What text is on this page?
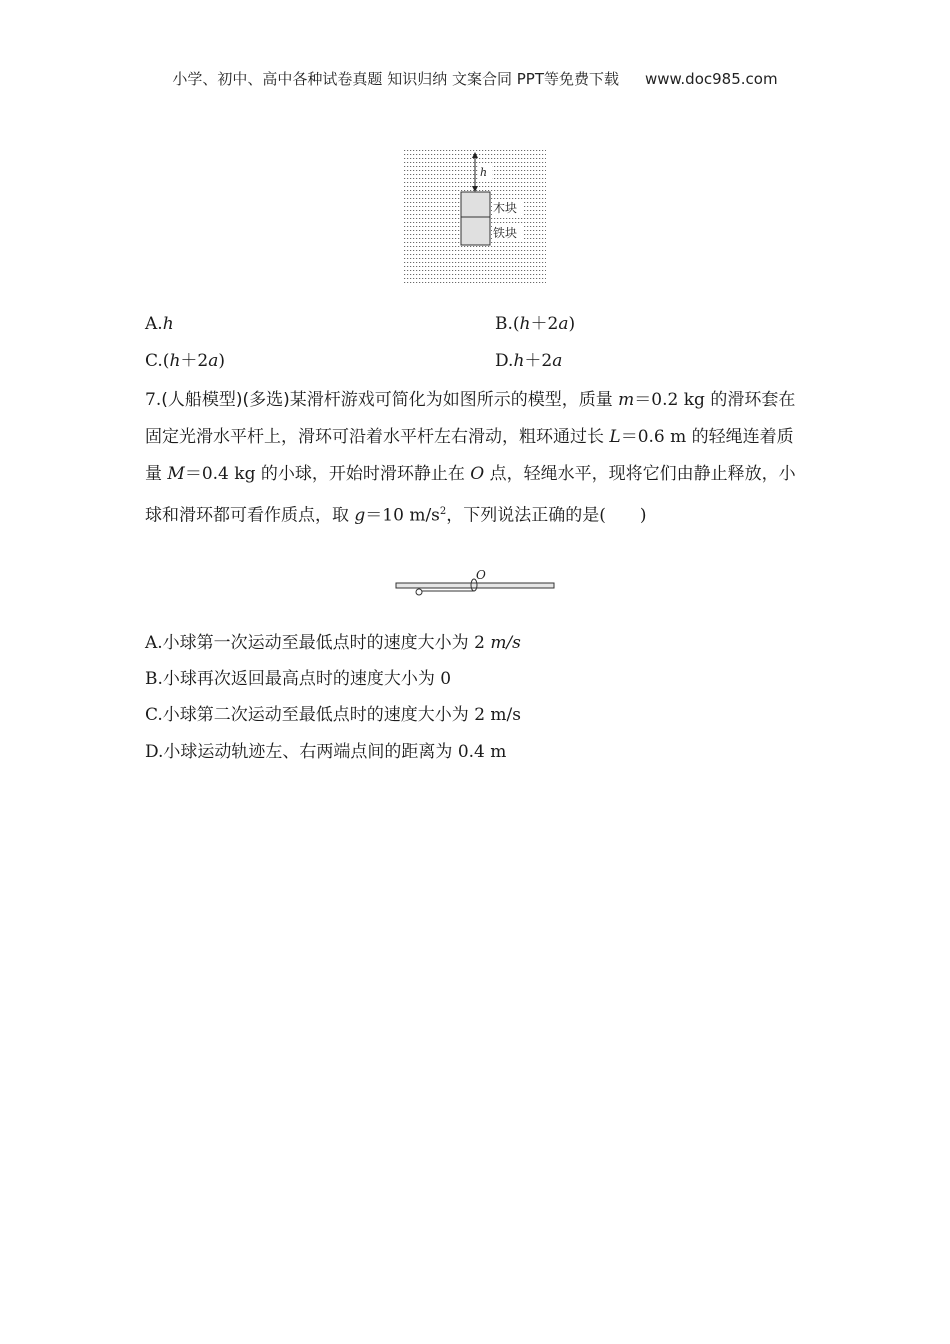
小学、初中、高中各种试卷真题 知识归纳 文案合同 PPT等免费下载 www.doc985.com
h
木块
铁块
A.h	B.(h＋2a)
C.(h＋2a)	D.h＋2a

7.(人船模型)(多选)某滑杆游戏可简化为如图所示的模型，质量 m＝0.2 kg 的滑环套在固定光滑水平杆上，滑环可沿着水平杆左右滑动，粗环通过长 L＝0.6 m 的轻绳连着质量 M＝0.4 kg 的小球，开始时滑环静止在 O 点，轻绳水平，现将它们由静止释放，小球和滑环都可看作质点，取 g＝10 $m/s^2$，下列说法正确的是(　　)

O
A.小球第一次运动至最低点时的速度大小为 2 m/s
B.小球再次返回最高点时的速度大小为 0
C.小球第二次运动至最低点时的速度大小为 2 m/s
D.小球运动轨迹左、右两端点间的距离为 0.4 m
